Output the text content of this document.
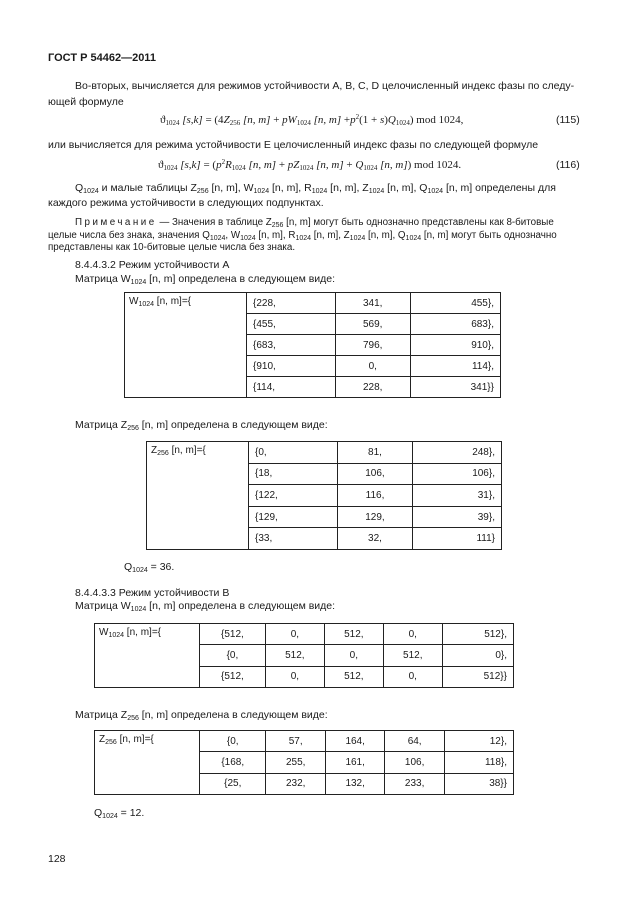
ГОСТ Р 54462—2011
Во-вторых, вычисляется для режимов устойчивости A, B, C, D целочисленный индекс фазы по следу-
ющей формуле
$ϑ_{1024}$ $[s,k] = (4Z_{256}$ [n, $m] + pW_{1024}$ [n, $m] +p^2(1 + s)Q_{1024}$) mod 1024,	(115)
или вычисляется для режима устойчивости E целочисленный индекс фазы по следующей формуле
$ϑ_{1024}$ $[s,k] = (p^2R_{1024}$ [n, $m] + pZ_{1024}$ [n, $m] + Q_{1024}$ [n, m]) mod 1024.	(116)
$Q_{1024}$ и малые таблицы $Z_{256}$ [n, m], $W_{1024}$ [n, m], $R_{1024}$ [n, m], $Z_{1024}$ [n, m], $Q_{1024}$ [n, m] определены для
каждого режима устойчивости в следующих подпунктах.
Примечание — Значения в таблице $Z_{256}$ [n, m] могут быть однозначно представлены как 8-битовые
целые числа без знака, значения $Q_{1024}$, $W_{1024}$ [n, m], $R_{1024}$ [n, m], $Z_{1024}$ [n, m], $Q_{1024}$ [n, m] могут быть однозначно
представлены как 10-битовые целые числа без знака.
8.4.4.3.2 Режим устойчивости А
Матрица $W_{1024}$ [n, m] определена в следующем виде:
$W_{1024}$ [n, m]={	{228,	341,	455},
	{455,	569,	683},
	{683,	796,	910},
	{910,	0,	114},
	{114,	228,	341}}
Матрица $Z_{256}$ [n, m] определена в следующем виде:
$Z_{256}$ [n, m]={	{0,	81,	248},
	{18,	106,	106},
	{122,	116,	31},
	{129,	129,	39},
	{33,	32,	111}
$Q_{1024} = 36$.
8.4.4.3.3 Режим устойчивости В
Матрица $W_{1024}$ [n, m] определена в следующем виде:
$W_{1024}$ [n, m]={	{512,	0,	512,	0,	512},
	{0,	512,	0,	512,	0},
	{512,	0,	512,	0,	512}}
Матрица $Z_{256}$ [n, m] определена в следующем виде:
$Z_{256}$ [n, m]={	{0,	57,	164,	64,	12},
	{168,	255,	161,	106,	118},
	{25,	232,	132,	233,	38}}
$Q_{1024} = 12$.
128
